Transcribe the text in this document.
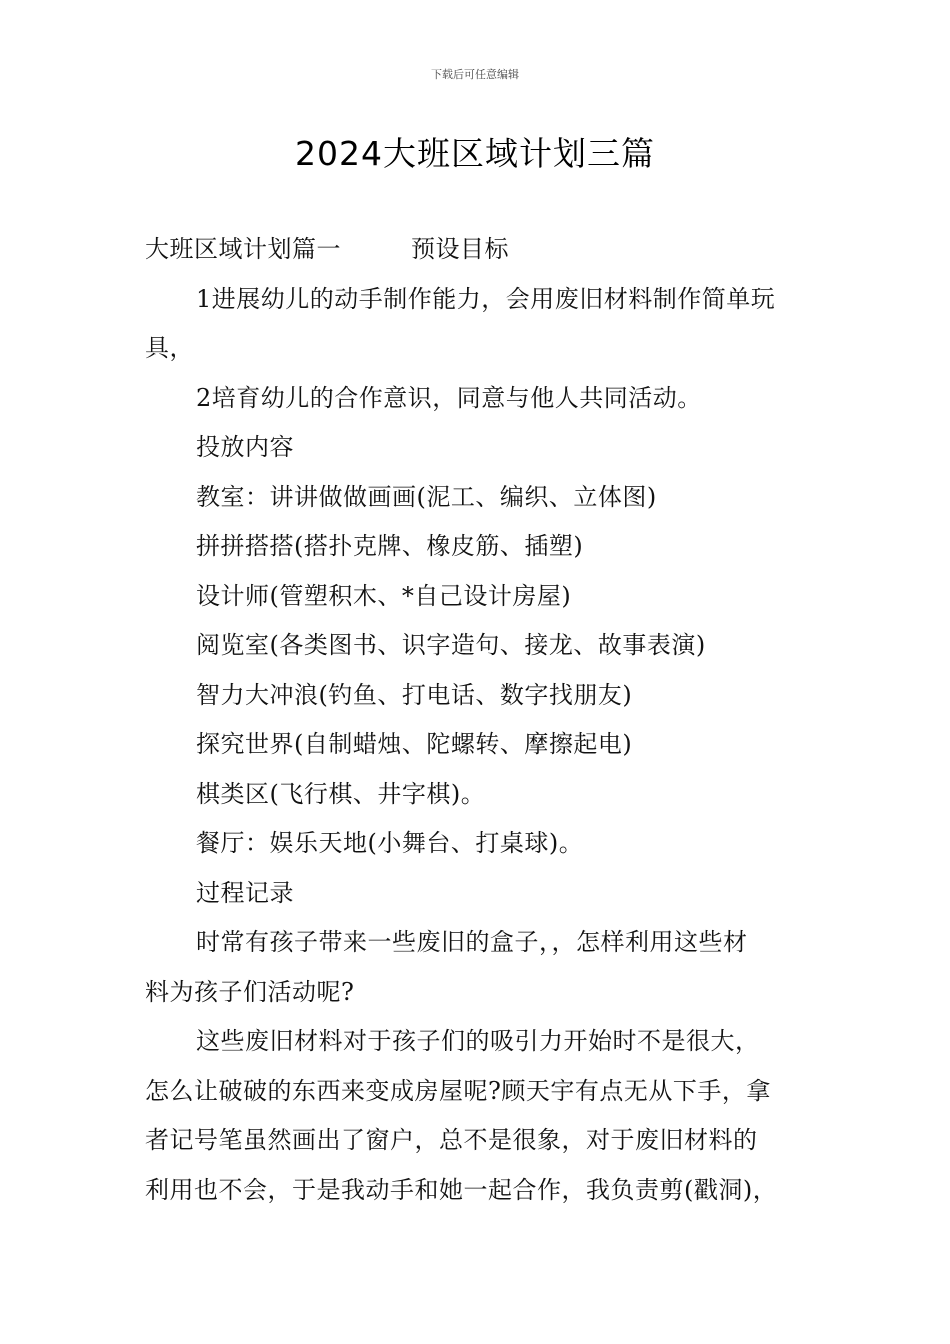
下载后可任意编辑
2024大班区域计划三篇
大班区域计划篇一	预设目标
1进展幼儿的动手制作能力，会用废旧材料制作简单玩
具，
2培育幼儿的合作意识，同意与他人共同活动。
投放内容
教室：讲讲做做画画(泥工、编织、立体图)
拼拼搭搭(搭扑克牌、橡皮筋、插塑)
设计师(管塑积木、*自己设计房屋)
阅览室(各类图书、识字造句、接龙、故事表演)
智力大冲浪(钓鱼、打电话、数字找朋友)
探究世界(自制蜡烛、陀螺转、摩擦起电)
棋类区(飞行棋、井字棋)。
餐厅：娱乐天地(小舞台、打桌球)。
过程记录
时常有孩子带来一些废旧的盒子，，怎样利用这些材
料为孩子们活动呢?
这些废旧材料对于孩子们的吸引力开始时不是很大，
怎么让破破的东西来变成房屋呢?顾天宇有点无从下手，拿
者记号笔虽然画出了窗户，总不是很象，对于废旧材料的
利用也不会，于是我动手和她一起合作，我负责剪(戳洞)，
